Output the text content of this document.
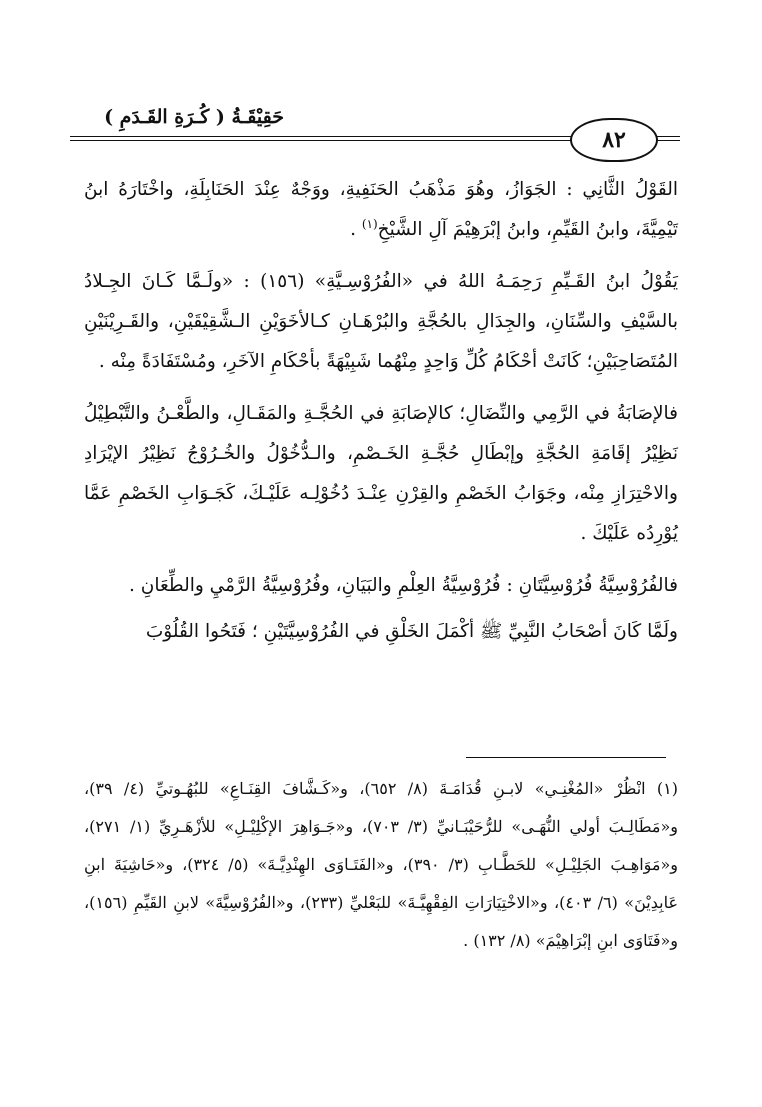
حَقِيْقَـةُ ( كُـرَةِ القَـدَمِ )
٨٢

القَوْلُ الثَّانِي : الجَوَازُ، وهُوَ مَذْهَبُ الحَنَفِيةِ، ووَجْهٌ عِنْدَ الحَنَابِلَةِ، واخْتَارَهُ ابنُ تَيْمِيَّةَ، وابنُ القَيِّمِ، وابنُ إبْرَهِيْمَ آلِ الشَّيْخِ$^{(١)}$ .

يَقُوْلُ ابنُ القَـيِّمِ رَحِمَـهُ اللهُ في «الفُرُوْسِـيَّةِ» (١٥٦) : «ولَـمَّا كَـانَ الجِـلادُ بالسَّيْفِ والسِّنَانِ، والجِدَالِ بالحُجَّةِ والبُرْهَـانِ كـالأخَوَيْنِ الـشَّقِيْقَيْنِ، والقَـرِيْنَيْنِ المُتَصَاحِبَيْنِ؛ كَانَتْ أحْكَامُ كُلِّ وَاحِدٍ مِنْهُما شَبِيْهَةً بأحْكَامِ الآخَرِ، ومُسْتَفَادَةً مِنْه .

فالإصَابَةُ في الرَّمِي والنِّضَالِ؛ كالإصَابَةِ في الحُجَّـةِ والمَقَـالِ، والطَّعْـنُ والتَّبْطِيْلُ نَظِيْرُ إقَامَةِ الحُجَّةِ وإبْطَالِ حُجَّـةِ الخَـصْمِ، والـدُّخُوْلُ والخُـرُوْجُ نَظِيْرُ الإيْرَادِ والاحْتِرَازِ مِنْه، وجَوَابُ الخَصْمِ والقِرْنِ عِنْـدَ دُخُوْلِـه عَلَيْـكَ، كَجَـوَابِ الخَصْمِ عَمَّا يُوْرِدُه عَلَيْكَ .

فالفُرُوْسِيَّةُ فُرُوْسِيَّتَانِ : فُرُوْسِيَّةُ العِلْمِ والبَيَانِ، وفُرُوْسِيَّةُ الرَّمْيِ والطِّعَانِ .

ولَمَّا كَانَ أصْحَابُ النَّبِيِّ ﷺ أكْمَلَ الخَلْقِ في الفُرُوْسِيَّتَيْنِ ؛ فَتَحُوا القُلُوْبَ

(١) انْظُرْ «المُغْنِـي» لابـنِ قُدَامَـةَ (٨/ ٦٥٢)، و«كَـشَّافَ القِنَـاعِ» للبُهُـوتيِّ (٤/ ٣٩)، و«مَطَالِـبَ أولي النُّهَـى» للرُّحَيْبَـانيِّ (٣/ ٧٠٣)، و«جَـوَاهِرَ الإكْلِيْـلِ» للأزْهَـرِيِّ (١/ ٢٧١)، و«مَوَاهِـبَ الجَلِيْـلِ» للحَطَّـابِ (٣/ ٣٩٠)، و«الفَتَـاوَى الهِنْدِيَّـةَ» (٥/ ٣٢٤)، و«حَاشِيَةَ ابنِ عَابِدِيْنَ» (٦/ ٤٠٣)، و«الاخْتِيَارَاتِ الفِقْهِيَّـةَ» للبَعْليِّ (٢٣٣)، و«الفُرُوْسِيَّةَ» لابنِ القَيِّمِ (١٥٦)، و«فَتَاوَى ابنِ إبْرَاهِيْمَ» (٨/ ١٣٢) .
